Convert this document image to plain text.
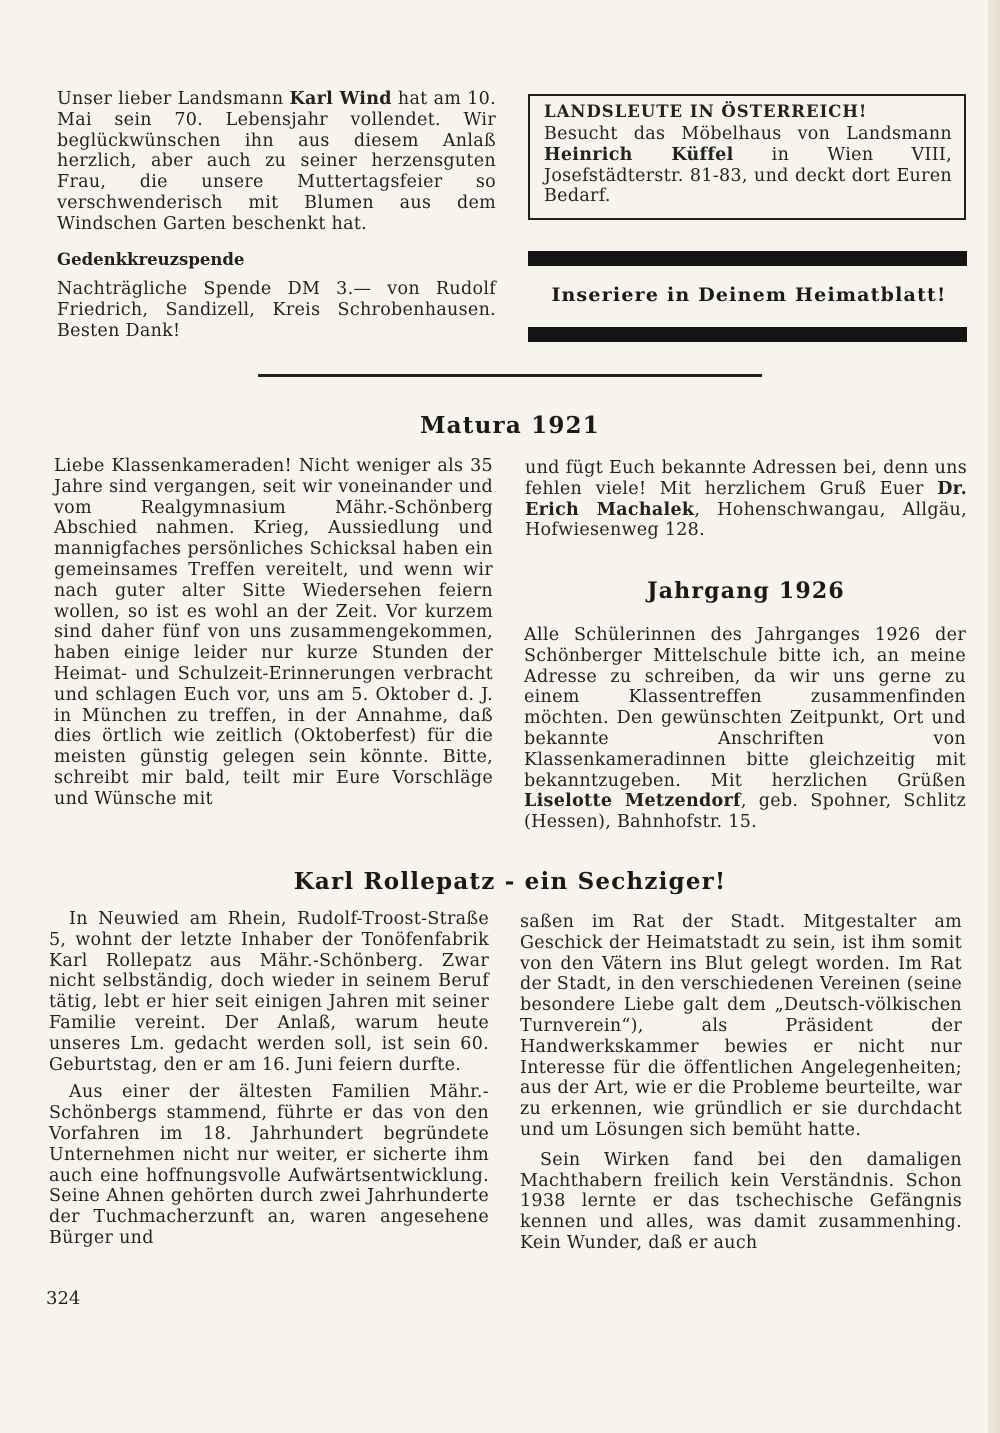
Unser lieber Landsmann Karl Wind hat am 10. Mai sein 70. Lebensjahr vollendet. Wir beglückwünschen ihn aus diesem Anlaß herzlich, aber auch zu seiner herzensguten Frau, die unsere Muttertagsfeier so verschwenderisch mit Blumen aus dem Windschen Garten beschenkt hat.

Gedenkkreuzspende

Nachträgliche Spende DM 3.— von Rudolf Friedrich, Sandizell, Kreis Schrobenhausen. Besten Dank!

LANDSLEUTE IN ÖSTERREICH!

Besucht das Möbelhaus von Landsmann Heinrich Küffel in Wien VIII, Josefstädterstr. 81-83, und deckt dort Euren Bedarf.

Inseriere in Deinem Heimatblatt!
Matura 1921

Liebe Klassenkameraden! Nicht weniger als 35 Jahre sind vergangen, seit wir voneinander und vom Realgymnasium Mähr.-Schönberg Abschied nahmen. Krieg, Aussiedlung und mannigfaches persönliches Schicksal haben ein gemeinsames Treffen vereitelt, und wenn wir nach guter alter Sitte Wiedersehen feiern wollen, so ist es wohl an der Zeit. Vor kurzem sind daher fünf von uns zusammengekommen, haben einige leider nur kurze Stunden der Heimat- und Schulzeit-Erinnerungen verbracht und schlagen Euch vor, uns am 5. Oktober d. J. in München zu treffen, in der Annahme, daß dies örtlich wie zeitlich (Oktoberfest) für die meisten günstig gelegen sein könnte. Bitte, schreibt mir bald, teilt mir Eure Vorschläge und Wünsche mit

und fügt Euch bekannte Adressen bei, denn uns fehlen viele! Mit herzlichem Gruß Euer Dr. Erich Machalek, Hohenschwangau, Allgäu, Hofwiesenweg 128.

Jahrgang 1926

Alle Schülerinnen des Jahrganges 1926 der Schönberger Mittelschule bitte ich, an meine Adresse zu schreiben, da wir uns gerne zu einem Klassentreffen zusammenfinden möchten. Den gewünschten Zeitpunkt, Ort und bekannte Anschriften von Klassenkameradinnen bitte gleichzeitig mit bekanntzugeben. Mit herzlichen Grüßen Liselotte Metzendorf, geb. Spohner, Schlitz (Hessen), Bahnhofstr. 15.

Karl Rollepatz - ein Sechziger!

In Neuwied am Rhein, Rudolf-Troost-Straße 5, wohnt der letzte Inhaber der Tonöfenfabrik Karl Rollepatz aus Mähr.-Schönberg. Zwar nicht selbständig, doch wieder in seinem Beruf tätig, lebt er hier seit einigen Jahren mit seiner Familie vereint. Der Anlaß, warum heute unseres Lm. gedacht werden soll, ist sein 60. Geburtstag, den er am 16. Juni feiern durfte.

Aus einer der ältesten Familien Mähr.-Schönbergs stammend, führte er das von den Vorfahren im 18. Jahrhundert begründete Unternehmen nicht nur weiter, er sicherte ihm auch eine hoffnungsvolle Aufwärtsentwicklung. Seine Ahnen gehörten durch zwei Jahrhunderte der Tuchmacherzunft an, waren angesehene Bürger und

saßen im Rat der Stadt. Mitgestalter am Geschick der Heimatstadt zu sein, ist ihm somit von den Vätern ins Blut gelegt worden. Im Rat der Stadt, in den verschiedenen Vereinen (seine besondere Liebe galt dem „Deutsch-völkischen Turnverein“), als Präsident der Handwerkskammer bewies er nicht nur Interesse für die öffentlichen Angelegenheiten; aus der Art, wie er die Probleme beurteilte, war zu erkennen, wie gründlich er sie durchdacht und um Lösungen sich bemüht hatte.

Sein Wirken fand bei den damaligen Machthabern freilich kein Verständnis. Schon 1938 lernte er das tschechische Gefängnis kennen und alles, was damit zusammenhing. Kein Wunder, daß er auch

324
